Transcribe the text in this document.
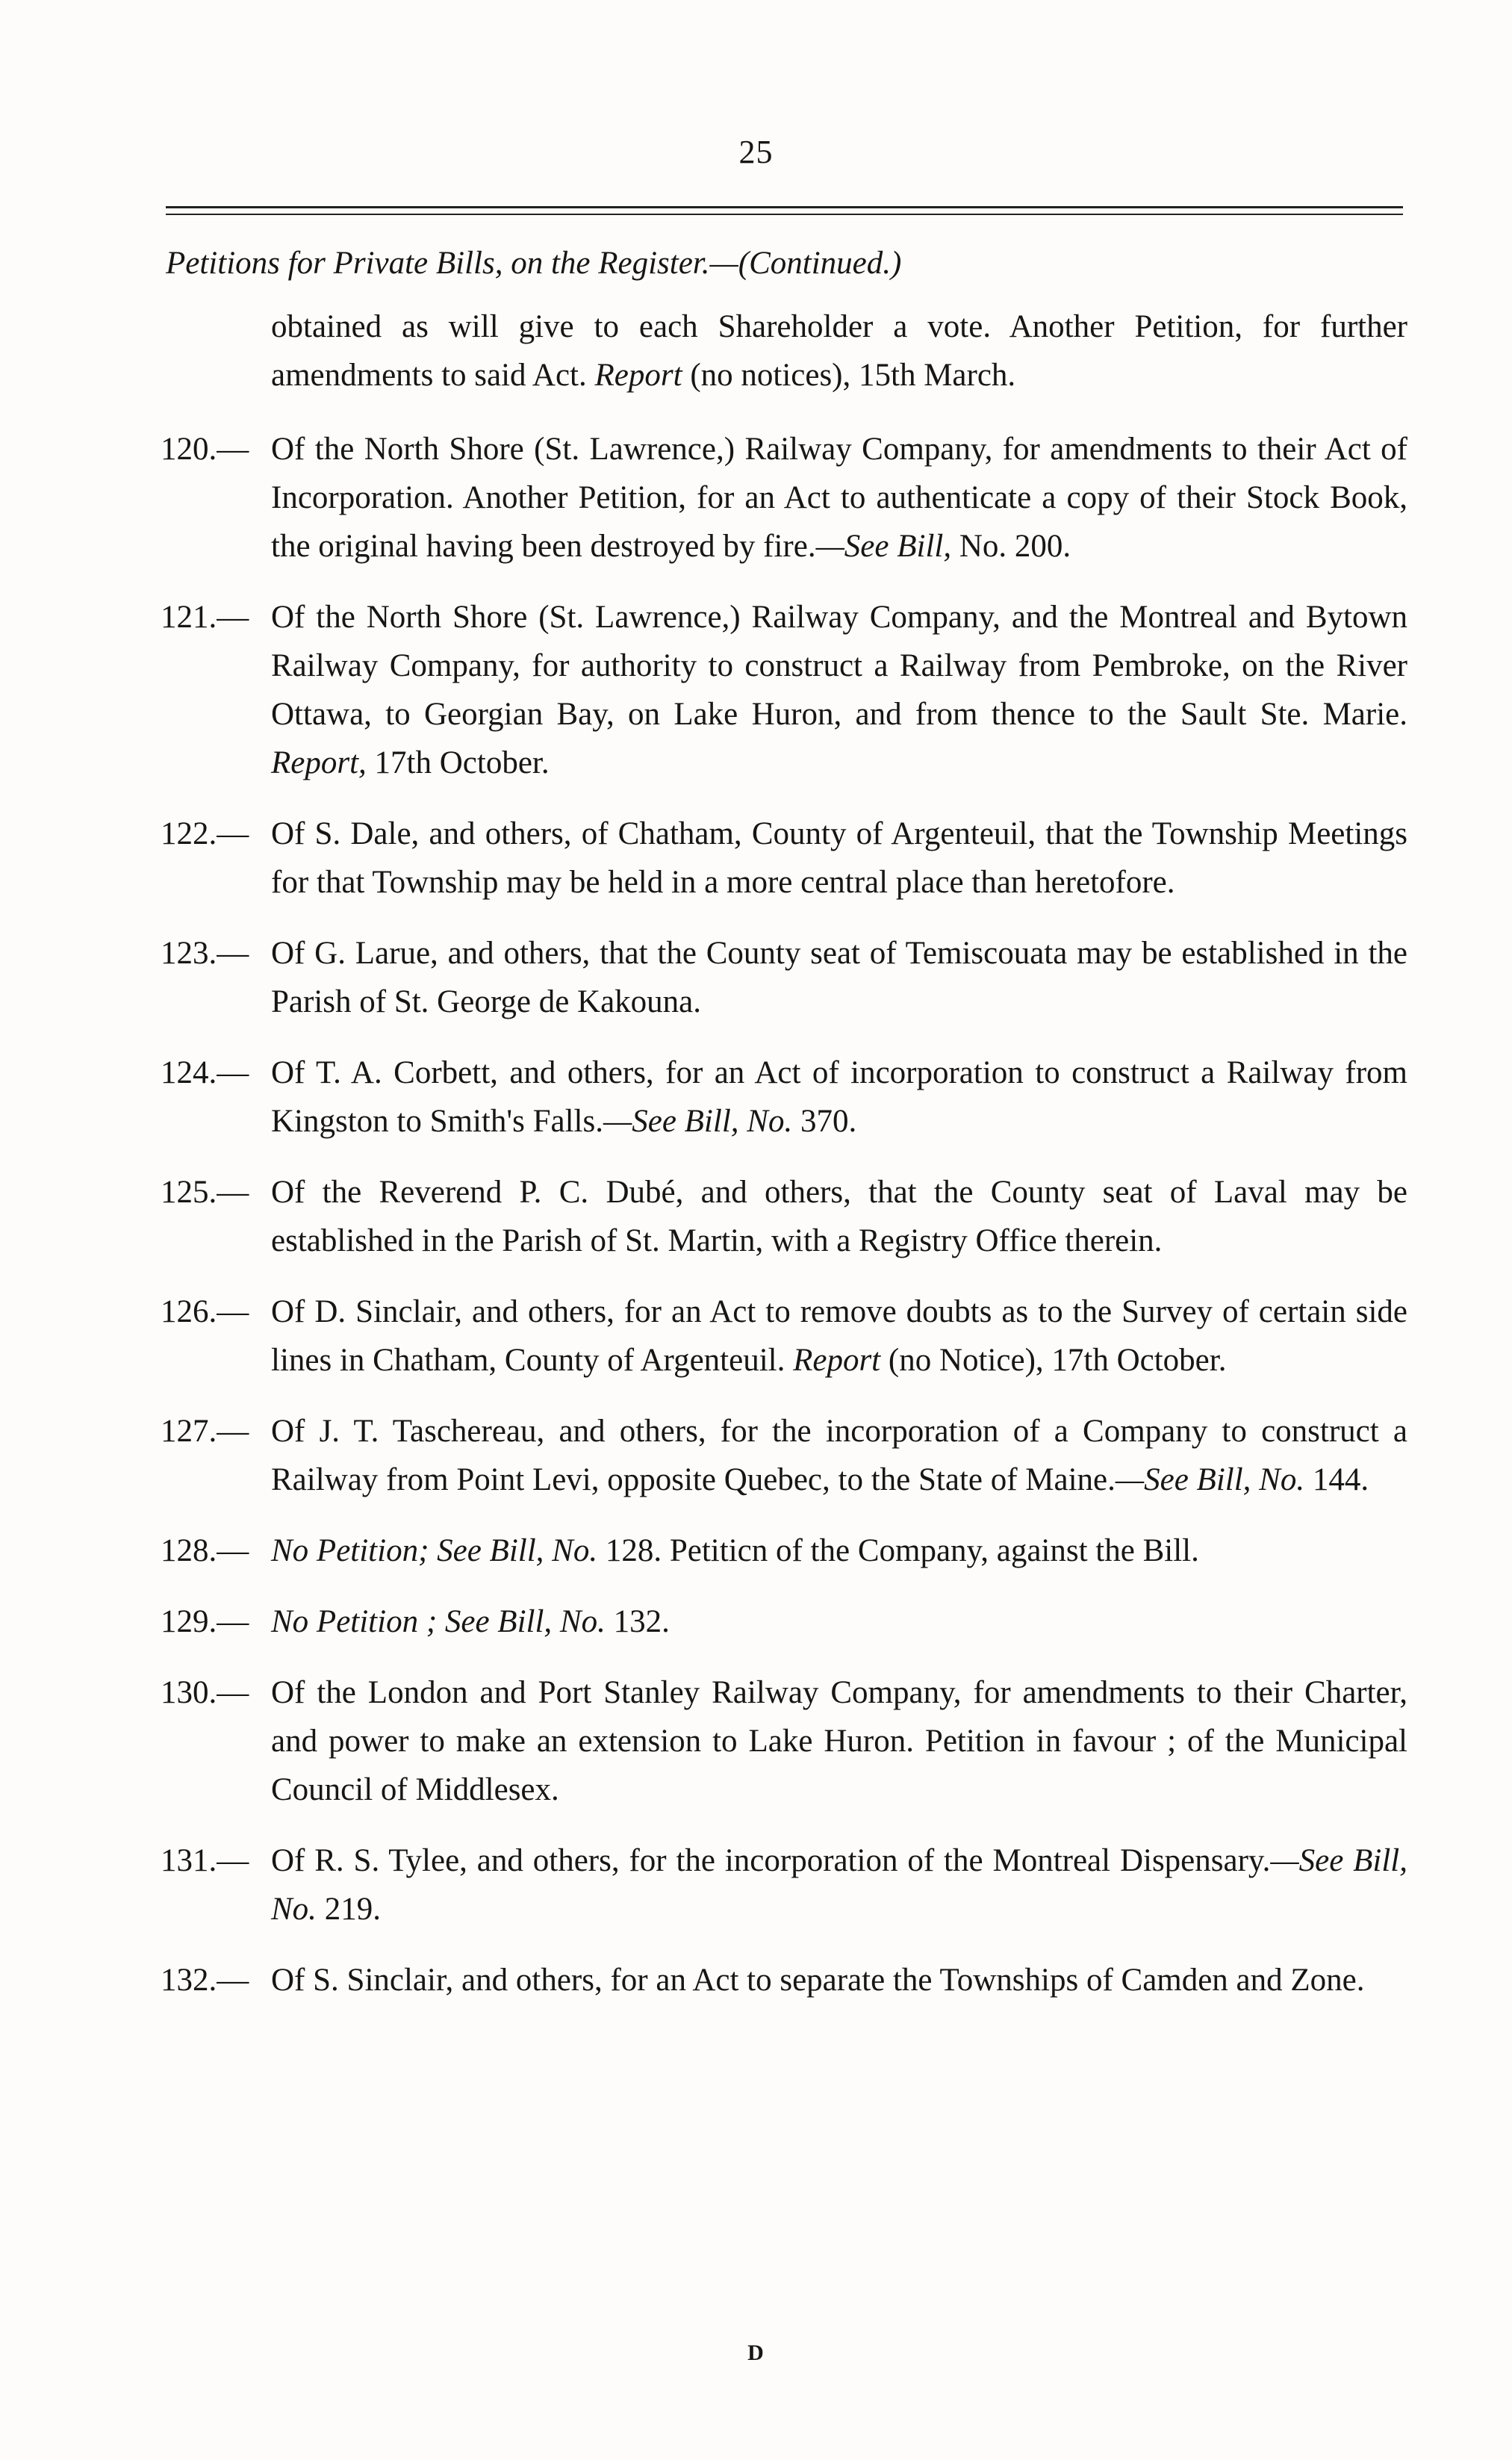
25
Petitions for Private Bills, on the Register.—(Continued.)
obtained as will give to each Shareholder a vote. Another Petition, for further amendments to said Act. Report (no notices), 15th March.
120.— Of the North Shore (St. Lawrence,) Railway Company, for amendments to their Act of Incorporation. Another Petition, for an Act to authenticate a copy of their Stock Book, the original having been destroyed by fire.—See Bill, No. 200.
121.— Of the North Shore (St. Lawrence,) Railway Company, and the Montreal and Bytown Railway Company, for authority to construct a Railway from Pembroke, on the River Ottawa, to Georgian Bay, on Lake Huron, and from thence to the Sault Ste. Marie. Report, 17th October.
122.— Of S. Dale, and others, of Chatham, County of Argenteuil, that the Township Meetings for that Township may be held in a more central place than heretofore.
123.— Of G. Larue, and others, that the County seat of Temiscouata may be established in the Parish of St. George de Kakouna.
124.— Of T. A. Corbett, and others, for an Act of incorporation to construct a Railway from Kingston to Smith's Falls.—See Bill, No. 370.
125.— Of the Reverend P. C. Dubé, and others, that the County seat of Laval may be established in the Parish of St. Martin, with a Registry Office therein.
126.— Of D. Sinclair, and others, for an Act to remove doubts as to the Survey of certain side lines in Chatham, County of Argenteuil. Report (no Notice), 17th October.
127.— Of J. T. Taschereau, and others, for the incorporation of a Company to construct a Railway from Point Levi, opposite Quebec, to the State of Maine.—See Bill, No. 144.
128.— No Petition; See Bill, No. 128. Petiticn of the Company, against the Bill.
129.— No Petition ; See Bill, No. 132.
130.— Of the London and Port Stanley Railway Company, for amendments to their Charter, and power to make an extension to Lake Huron. Petition in favour ; of the Municipal Council of Middlesex.
131.— Of R. S. Tylee, and others, for the incorporation of the Montreal Dispensary.—See Bill, No. 219.
132.— Of S. Sinclair, and others, for an Act to separate the Townships of Camden and Zone.
D
